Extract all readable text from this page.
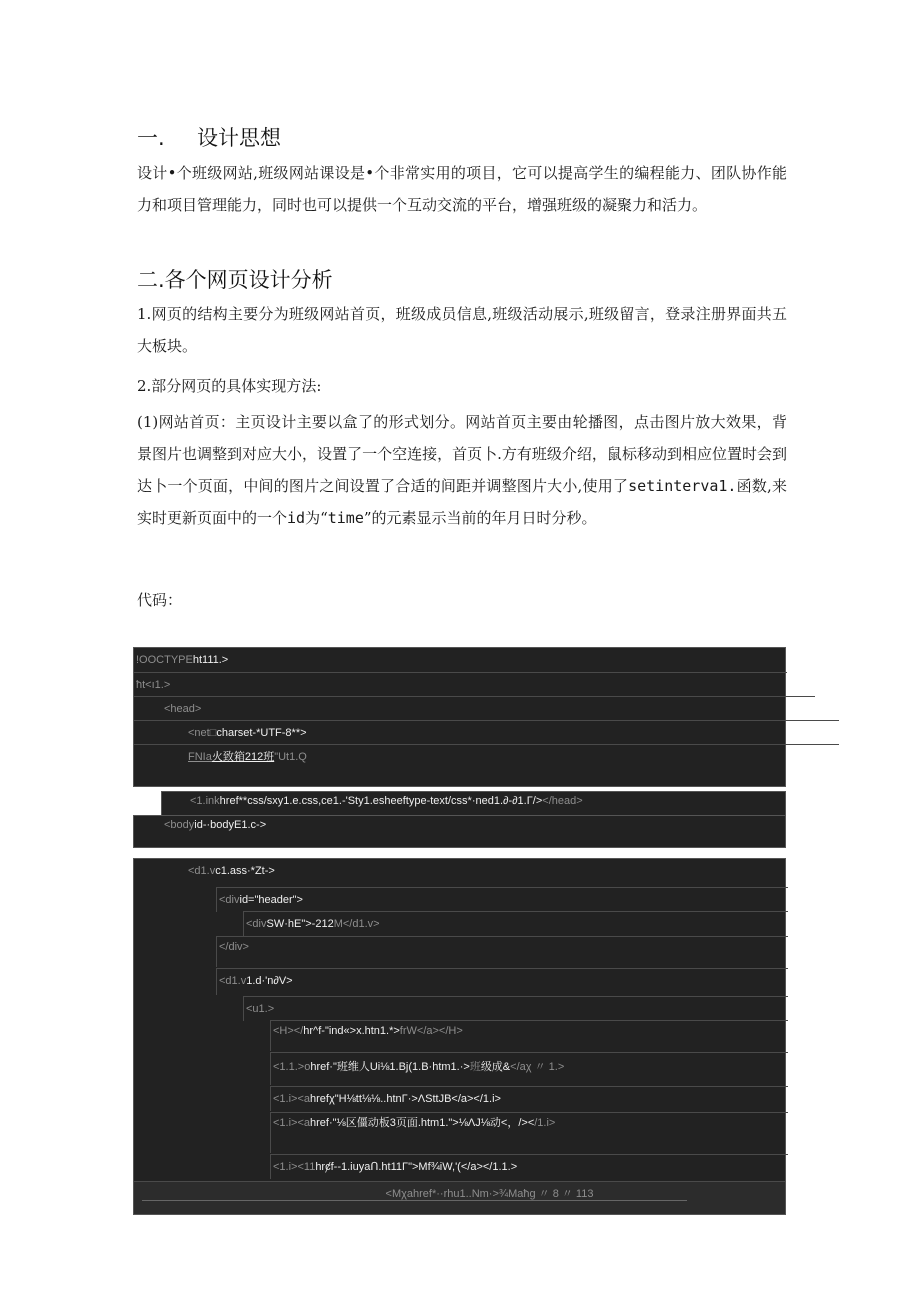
一. 设计思想
设计•个班级网站,班级网站课设是•个非常实用的项目，它可以提高学生的编程能力、团队协作能力和项目管理能力，同时也可以提供一个互动交流的平台，增强班级的凝聚力和活力。
二.各个网页设计分析
1.网页的结构主要分为班级网站首页，班级成员信息,班级活动展示,班级留言，登录注册界面共五大板块。
2.部分网页的具体实现方法:
(1)网站首页：主页设计主要以盒了的形式划分。网站首页主要由轮播图，点击图片放大效果，背景图片也调整到对应大小，设置了一个空连接，首页卜.方有班级介绍，鼠标移动到相应位置时会到达卜一个页面，中间的图片之间设置了合适的间距并调整图片大小,使用了setinterva1.函数,来实时更新页面中的一个id为“time”的元素显示当前的年月日时分秒。
代码：
!OOCTYPEht111.>
ħt<ı1.>
<head>
<net□charset-*UTF-8**>
FNIa火致箱212班"Ut1.Q
<1.inkhref**css/sxy1.e.css,ce1.-'Sty1.esheeftype-text/css*·ned1.∂-∂1.Γ/></head>
<bodyid-·bodyE1.c->
<d1.vc1.ass·*Zt->
<divid="header">
<divSW·hE">-212M</d1.v>
</div>
<d1.v1.d·'n∂V>
<u1.>
<H></hr^f-"ind«>x.htn1.*>frW</a></H>
<1.1.>ohref·"班维人Ui⅛1.Bj(1.B·htm1.·>班级成&</aχ 〃 1.>
<1.i><ahrefχ"H⅛tt⅛⅛..htnΓ·>ΛSttJB</a></1.i>
<1.i><ahref·"⅛区僵动板3页面.htm1.">⅛ΛJ⅛动<，/></1.i>
<1.i><11hrȼf--1.iuyaՈ.ht11Γ">Mf¾iW,'(</a></1.1.>
<Mχahref*··rhu1..Nm·>¾Maħg 〃 8 〃 113
